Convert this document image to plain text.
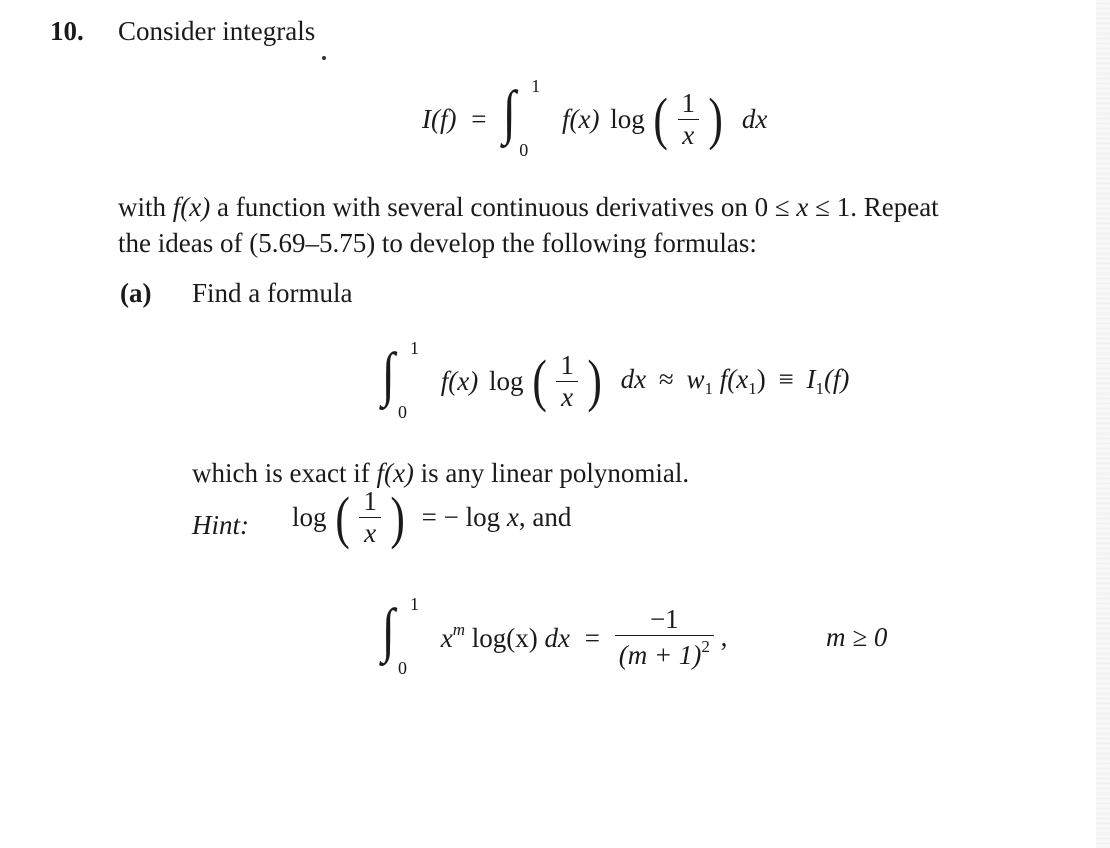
10. Consider integrals
I(f) = ∫ 1
0
f(x) log ( $\frac{1}{x}$ ) dx
with f(x) a function with several continuous derivatives on 0 ≤ x ≤ 1. Repeat
the ideas of (5.69–5.75) to develop the following formulas:
(a) Find a formula
∫ 1
0
f(x) log ( $\frac{1}{x}$ ) dx ≈ $w_1$ $f(x_1) \equiv I_1(f)$
which is exact if f(x) is any linear polynomial.
Hint: log ( $\frac{1}{x}$ ) = − log x, and
∫ 1
0
$x^m$ log(x) dx = $\frac{-1}{(m + 1)^2}$ ,	m ≥ 0
